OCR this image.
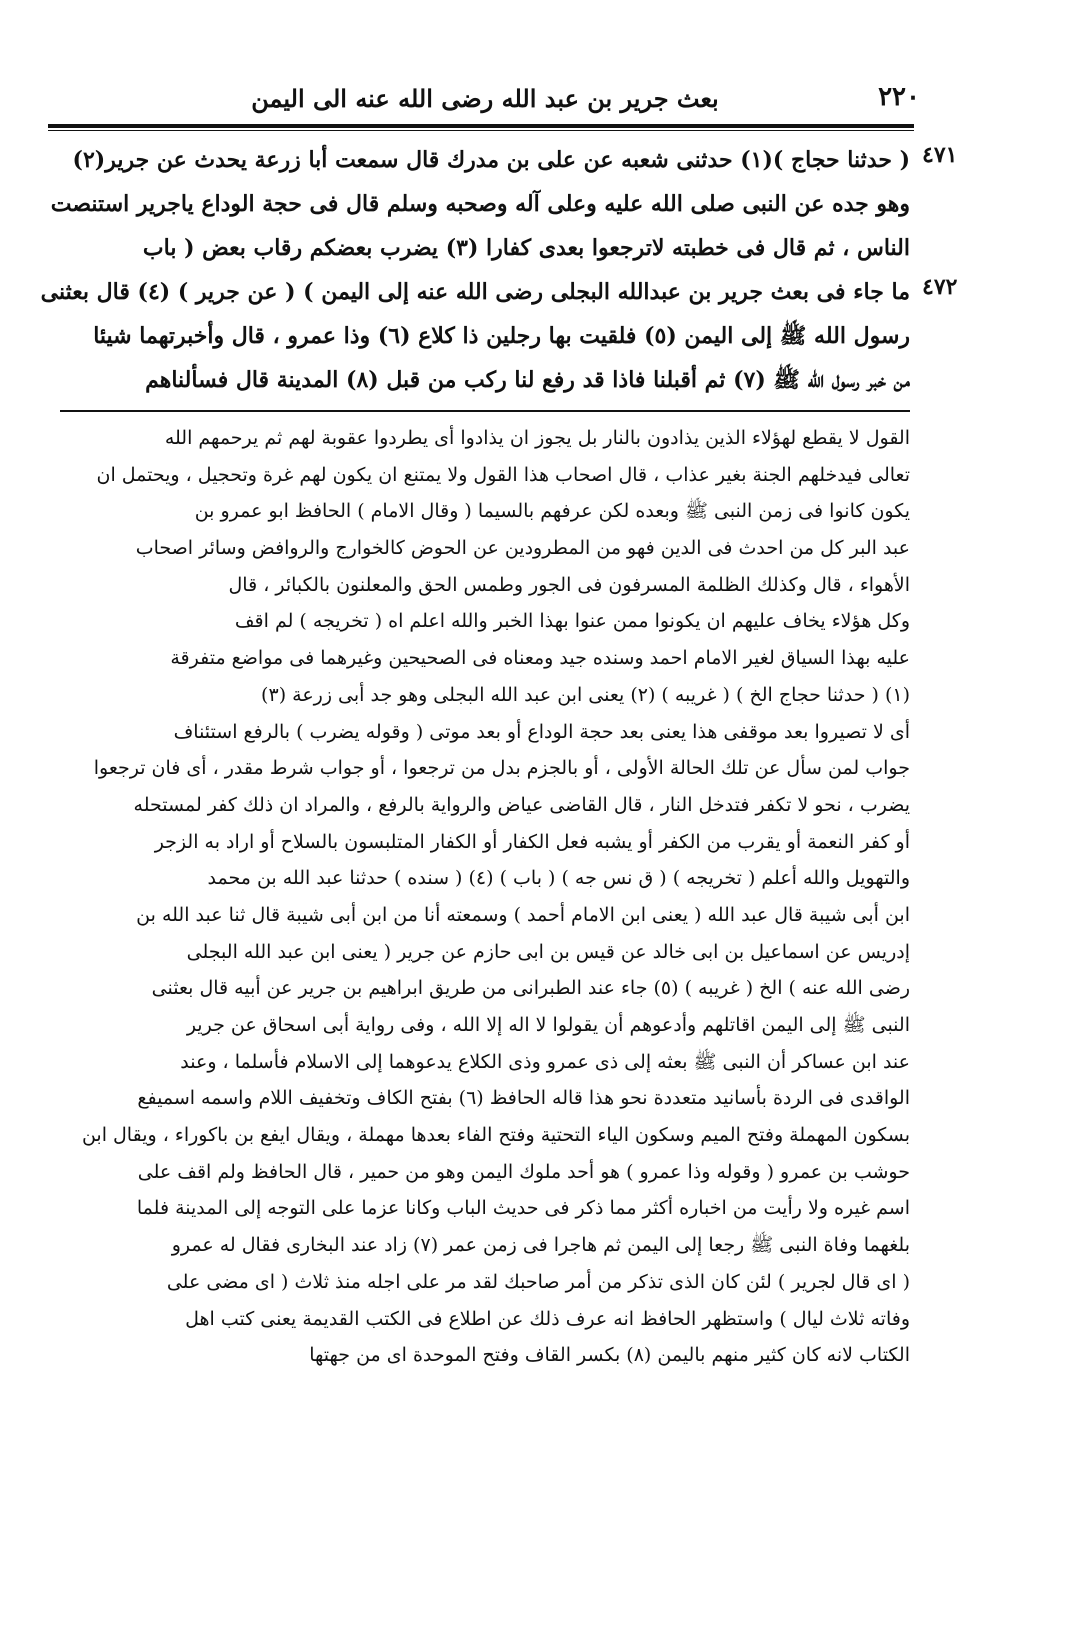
٢٢٠
بعث جرير بن عبد الله رضى الله عنه الى اليمن
٤٧١
٤٧٢
( حدثنا حجاج )(١) حدثنى شعبه عن على بن مدرك قال سمعت أبا زرعة يحدث عن جرير(٢)
وهو جده عن النبى صلى الله عليه وعلى آله وصحبه وسلم قال فى حجة الوداع ياجرير استنصت
الناس ، ثم قال فى خطبته لاترجعوا بعدى كفارا (٣) يضرب بعضكم رقاب بعض ( باب
ما جاء فى بعث جرير بن عبدالله البجلى رضى الله عنه إلى اليمن ) ( عن جرير ) (٤) قال بعثنى
رسول الله ﷺ إلى اليمن (٥) فلقيت بها رجلين ذا كلاع (٦) وذا عمرو ، قال وأخبرتهما شيئا
من خبر رسول الله ﷺ (٧) ثم أقبلنا فاذا قد رفع لنا ركب من قبل (٨) المدينة قال فسألناهم
القول لا يقطع لهؤلاء الذين يذادون بالنار بل يجوز ان يذادوا أى يطردوا عقوبة لهم ثم يرحمهم الله
تعالى فيدخلهم الجنة بغير عذاب ، قال اصحاب هذا القول ولا يمتنع ان يكون لهم غرة وتحجيل ، ويحتمل ان
يكون كانوا فى زمن النبى ﷺ وبعده لكن عرفهم بالسيما ( وقال الامام ) الحافظ ابو عمرو بن
عبد البر كل من احدث فى الدين فهو من المطرودين عن الحوض كالخوارج والروافض وسائر اصحاب
الأهواء ، قال وكذلك الظلمة المسرفون فى الجور وطمس الحق والمعلنون بالكبائر ، قال
وكل هؤلاء يخاف عليهم ان يكونوا ممن عنوا بهذا الخبر والله اعلم اه ( تخريجه ) لم اقف
عليه بهذا السياق لغير الامام احمد وسنده جيد ومعناه فى الصحيحين وغيرهما فى مواضع متفرقة
(١) ( حدثنا حجاج الخ ) ( غريبه ) (٢) يعنى ابن عبد الله البجلى وهو جد أبى زرعة (٣)
أى لا تصيروا بعد موقفى هذا يعنى بعد حجة الوداع أو بعد موتى ( وقوله يضرب ) بالرفع استئناف
جواب لمن سأل عن تلك الحالة الأولى ، أو بالجزم بدل من ترجعوا ، أو جواب شرط مقدر ، أى فان ترجعوا
يضرب ، نحو لا تكفر فتدخل النار ، قال القاضى عياض والرواية بالرفع ، والمراد ان ذلك كفر لمستحله
أو كفر النعمة أو يقرب من الكفر أو يشبه فعل الكفار أو الكفار المتلبسون بالسلاح أو اراد به الزجر
والتهويل والله أعلم ( تخريجه ) ( ق نس جه ) ( باب ) (٤) ( سنده ) حدثنا عبد الله بن محمد
ابن أبى شيبة قال عبد الله ( يعنى ابن الامام أحمد ) وسمعته أنا من ابن أبى شيبة قال ثنا عبد الله بن
إدريس عن اسماعيل بن ابى خالد عن قيس بن ابى حازم عن جرير ( يعنى ابن عبد الله البجلى
رضى الله عنه ) الخ ( غريبه ) (٥) جاء عند الطبرانى من طريق ابراهيم بن جرير عن أبيه قال بعثنى
النبى ﷺ إلى اليمن اقاتلهم وأدعوهم أن يقولوا لا اله إلا الله ، وفى رواية أبى اسحاق عن جرير
عند ابن عساكر أن النبى ﷺ بعثه إلى ذى عمرو وذى الكلاع يدعوهما إلى الاسلام فأسلما ، وعند
الواقدى فى الردة بأسانيد متعددة نحو هذا قاله الحافظ (٦) بفتح الكاف وتخفيف اللام واسمه اسميفع
بسكون المهملة وفتح الميم وسكون الياء التحتية وفتح الفاء بعدها مهملة ، ويقال ايفع بن باكوراء ، ويقال ابن
حوشب بن عمرو ( وقوله وذا عمرو ) هو أحد ملوك اليمن وهو من حمير ، قال الحافظ ولم اقف على
اسم غيره ولا رأيت من اخباره أكثر مما ذكر فى حديث الباب وكانا عزما على التوجه إلى المدينة فلما
بلغهما وفاة النبى ﷺ رجعا إلى اليمن ثم هاجرا فى زمن عمر (٧) زاد عند البخارى فقال له عمرو
( اى قال لجرير ) لئن كان الذى تذكر من أمر صاحبك لقد مر على اجله منذ ثلاث ( اى مضى على
وفاته ثلاث ليال ) واستظهر الحافظ انه عرف ذلك عن اطلاع فى الكتب القديمة يعنى كتب اهل
الكتاب لانه كان كثير منهم باليمن (٨) بكسر القاف وفتح الموحدة اى من جهتها
